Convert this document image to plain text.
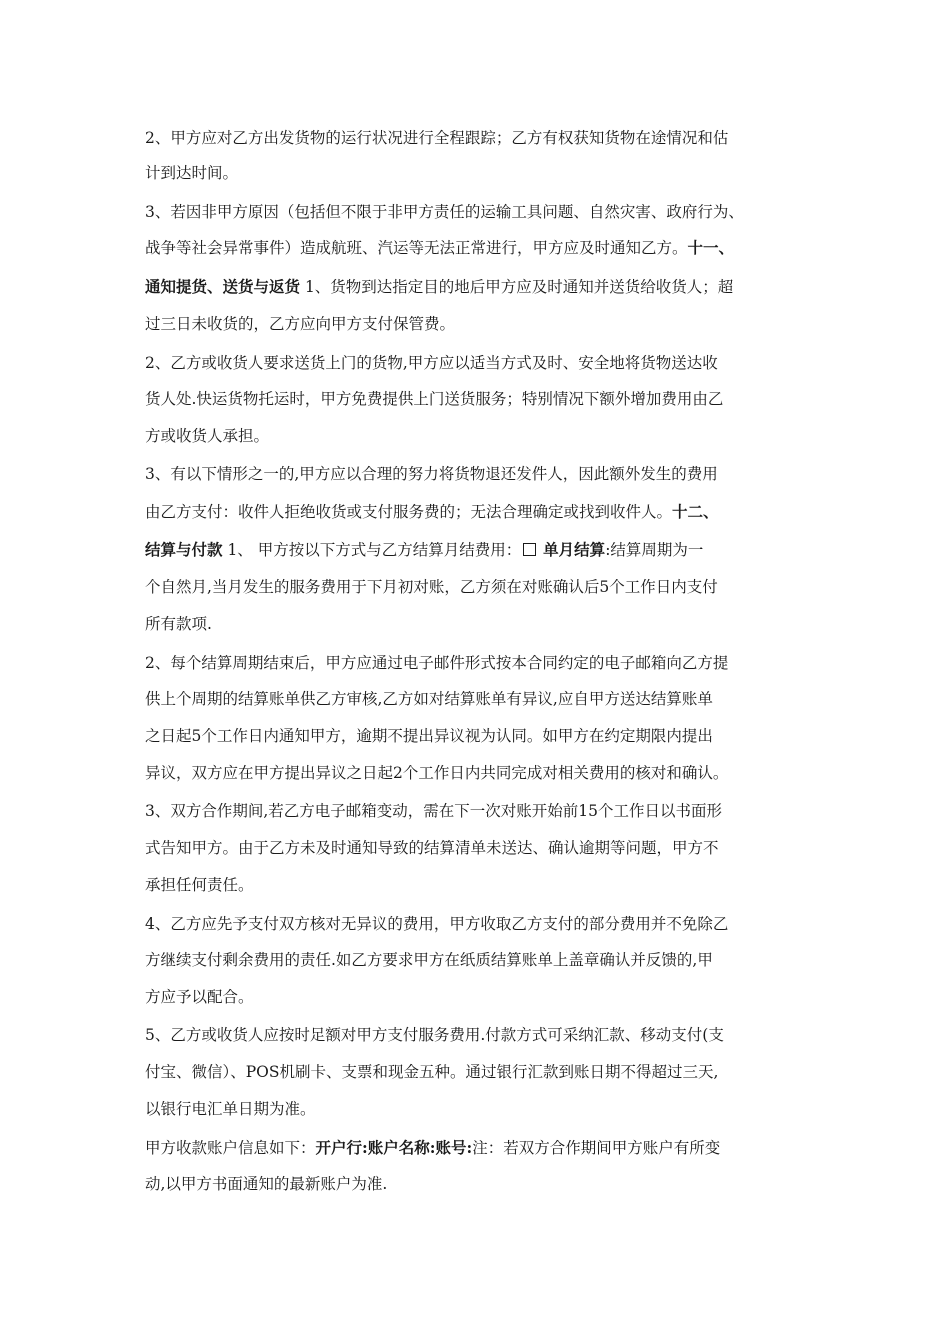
2、甲方应对乙方出发货物的运行状况进行全程跟踪；乙方有权获知货物在途情况和估
计到达时间。
3、若因非甲方原因（包括但不限于非甲方责任的运输工具问题、自然灾害、政府行为、
战争等社会异常事件）造成航班、汽运等无法正常进行，甲方应及时通知乙方。十一、
通知提货、送货与返货 1、货物到达指定目的地后甲方应及时通知并送货给收货人；超
过三日未收货的，乙方应向甲方支付保管费。
2、乙方或收货人要求送货上门的货物,甲方应以适当方式及时、安全地将货物送达收
货人处.快运货物托运时，甲方免费提供上门送货服务；特别情况下额外增加费用由乙
方或收货人承担。
3、有以下情形之一的,甲方应以合理的努力将货物退还发件人，因此额外发生的费用
由乙方支付：收件人拒绝收货或支付服务费的；无法合理确定或找到收件人。十二、
结算与付款 1、 甲方按以下方式与乙方结算月结费用： 单月结算:结算周期为一
个自然月,当月发生的服务费用于下月初对账，乙方须在对账确认后5个工作日内支付
所有款项.
2、每个结算周期结束后，甲方应通过电子邮件形式按本合同约定的电子邮箱向乙方提
供上个周期的结算账单供乙方审核,乙方如对结算账单有异议,应自甲方送达结算账单
之日起5个工作日内通知甲方，逾期不提出异议视为认同。如甲方在约定期限内提出
异议，双方应在甲方提出异议之日起2个工作日内共同完成对相关费用的核对和确认。
3、双方合作期间,若乙方电子邮箱变动，需在下一次对账开始前15个工作日以书面形
式告知甲方。由于乙方未及时通知导致的结算清单未送达、确认逾期等问题，甲方不
承担任何责任。
4、乙方应先予支付双方核对无异议的费用，甲方收取乙方支付的部分费用并不免除乙
方继续支付剩余费用的责任.如乙方要求甲方在纸质结算账单上盖章确认并反馈的,甲
方应予以配合。
5、乙方或收货人应按时足额对甲方支付服务费用.付款方式可采纳汇款、移动支付(支
付宝、微信）、POS机刷卡、支票和现金五种。通过银行汇款到账日期不得超过三天,
以银行电汇单日期为准。
甲方收款账户信息如下：开户行:账户名称:账号:注：若双方合作期间甲方账户有所变
动,以甲方书面通知的最新账户为准.
